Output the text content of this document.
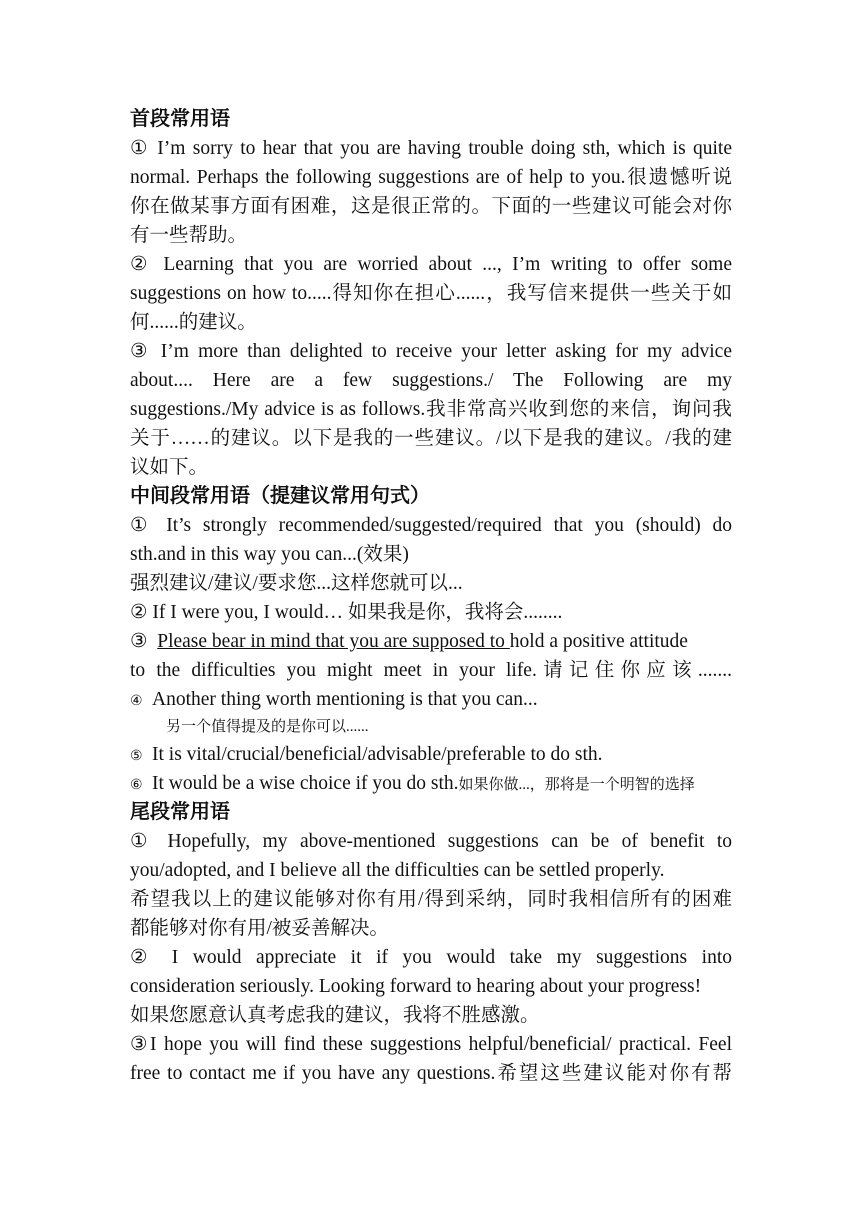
首段常用语
① I’m sorry to hear that you are having trouble doing sth, which is quite
normal. Perhaps the following suggestions are of help to you.很遗憾听说
你在做某事方面有困难，这是很正常的。下面的一些建议可能会对你
有一些帮助。
② Learning that you are worried about ..., I’m writing to offer some
suggestions on how to.....得知你在担心......，我写信来提供一些关于如
何......的建议。
③ I’m more than delighted to receive your letter asking for my advice
about.... Here are a few suggestions./ The Following are my
suggestions./My advice is as follows.我非常高兴收到您的来信，询问我
关于……的建议。以下是我的一些建议。/以下是我的建议。/我的建
议如下。
中间段常用语（提建议常用句式）
① It’s strongly recommended/suggested/required that you (should) do
sth.and in this way you can...(效果)
强烈建议/建议/要求您...这样您就可以...
② If I were you, I would… 如果我是你，我将会........
③ Please bear in mind that you are supposed to hold a positive attitude
to the difficulties you might meet in your life.请记住你应该.......
④ Another thing worth mentioning is that you can...
另一个值得提及的是你可以......
⑤ It is vital/crucial/beneficial/advisable/preferable to do sth.
⑥ It would be a wise choice if you do sth.如果你做...，那将是一个明智的选择
尾段常用语
① Hopefully, my above-mentioned suggestions can be of benefit to
you/adopted, and I believe all the difficulties can be settled properly.
希望我以上的建议能够对你有用/得到采纳，同时我相信所有的困难
都能够对你有用/被妥善解决。
② I would appreciate it if you would take my suggestions into
consideration seriously. Looking forward to hearing about your progress!
如果您愿意认真考虑我的建议，我将不胜感激。
③I hope you will find these suggestions helpful/beneficial/ practical. Feel
free to contact me if you have any questions.希望这些建议能对你有帮
